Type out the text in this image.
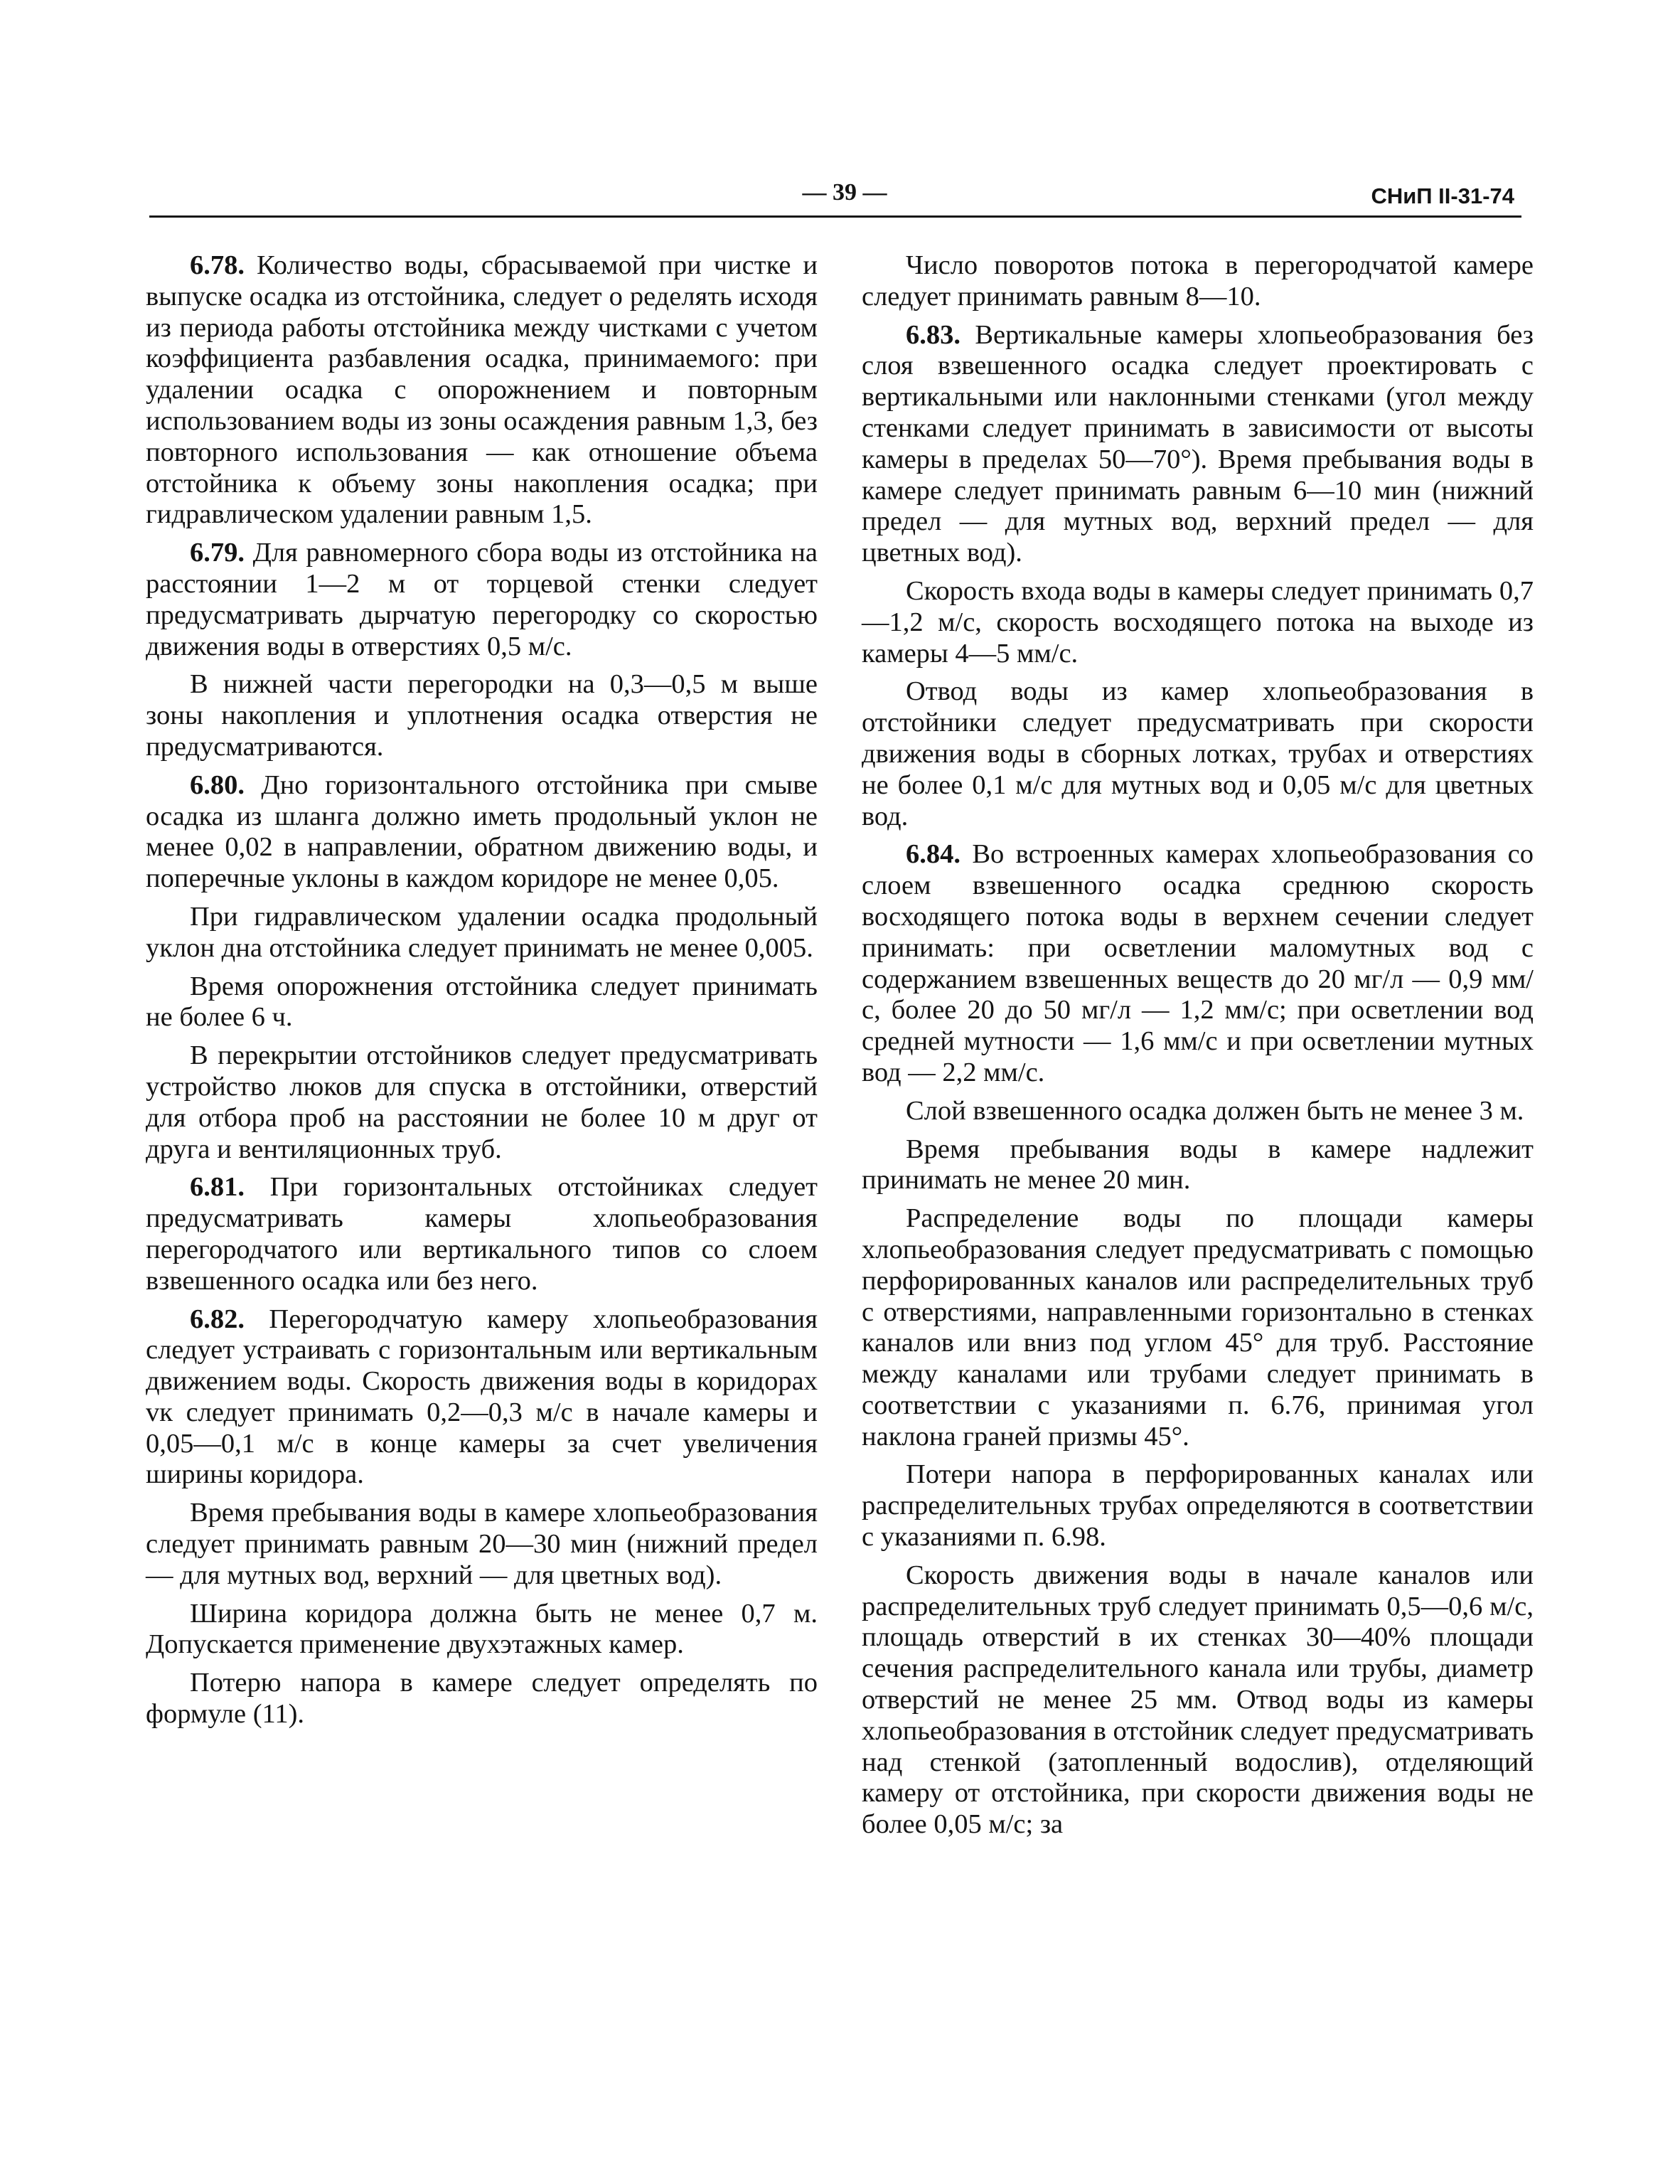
— 39 —	СНиП II-31-74

6.78. Количество воды, сбрасываемой при чистке и выпуске осадка из отстойника, следует о ределять исходя из периода работы отстойника между чистками с учетом коэффициента разбавления осадка, принимаемого: при удалении осадка с опорожнением и повторным использованием воды из зоны осаждения равным 1,3, без повторного использования — как отношение объема отстойника к объему зоны накопления осадка; при гидравлическом удалении равным 1,5.

6.79. Для равномерного сбора воды из отстойника на расстоянии 1—2 м от торцевой стенки следует предусматривать дырчатую перегородку со скоростью движения воды в отверстиях 0,5 м/с.

В нижней части перегородки на 0,3—0,5 м выше зоны накопления и уплотнения осадка отверстия не предусматриваются.

6.80. Дно горизонтального отстойника при смыве осадка из шланга должно иметь продольный уклон не менее 0,02 в направлении, обратном движению воды, и поперечные уклоны в каждом коридоре не менее 0,05.

При гидравлическом удалении осадка продольный уклон дна отстойника следует принимать не менее 0,005.

Время опорожнения отстойника следует принимать не более 6 ч.

В перекрытии отстойников следует предусматривать устройство люков для спуска в отстойники, отверстий для отбора проб на расстоянии не более 10 м друг от друга и вентиляционных труб.

6.81. При горизонтальных отстойниках следует предусматривать камеры хлопьеобразования перегородчатого или вертикального типов со слоем взвешенного осадка или без него.

6.82. Перегородчатую камеру хлопьеобразования следует устраивать с горизонтальным или вертикальным движением воды. Скорость движения воды в коридорах vк следует принимать 0,2—0,3 м/с в начале камеры и 0,05—0,1 м/с в конце камеры за счет увеличения ширины коридора.

Время пребывания воды в камере хлопьеобразования следует принимать равным 20—30 мин (нижний предел — для мутных вод, верхний — для цветных вод).

Ширина коридора должна быть не менее 0,7 м. Допускается применение двухэтажных камер.

Потерю напора в камере следует определять по формуле (11).

Число поворотов потока в перегородчатой камере следует принимать равным 8—10.

6.83. Вертикальные камеры хлопьеобразования без слоя взвешенного осадка следует проектировать с вертикальными или наклонными стенками (угол между стенками следует принимать в зависимости от высоты камеры в пределах 50—70°). Время пребывания воды в камере следует принимать равным 6—10 мин (нижний предел — для мутных вод, верхний предел — для цветных вод).

Скорость входа воды в камеры следует принимать 0,7—1,2 м/с, скорость восходящего потока на выходе из камеры 4—5 мм/с.

Отвод воды из камер хлопьеобразования в отстойники следует предусматривать при скорости движения воды в сборных лотках, трубах и отверстиях не более 0,1 м/с для мутных вод и 0,05 м/с для цветных вод.

6.84. Во встроенных камерах хлопьеобразования со слоем взвешенного осадка среднюю скорость восходящего потока воды в верхнем сечении следует принимать: при осветлении маломутных вод с содержанием взвешенных веществ до 20 мг/л — 0,9 мм/с, более 20 до 50 мг/л — 1,2 мм/с; при осветлении вод средней мутности — 1,6 мм/с и при осветлении мутных вод — 2,2 мм/с.

Слой взвешенного осадка должен быть не менее 3 м.

Время пребывания воды в камере надлежит принимать не менее 20 мин.

Распределение воды по площади камеры хлопьеобразования следует предусматривать с помощью перфорированных каналов или распределительных труб с отверстиями, направленными горизонтально в стенках каналов или вниз под углом 45° для труб. Расстояние между каналами или трубами следует принимать в соответствии с указаниями п. 6.76, принимая угол наклона граней призмы 45°.

Потери напора в перфорированных каналах или распределительных трубах определяются в соответствии с указаниями п. 6.98.

Скорость движения воды в начале каналов или распределительных труб следует принимать 0,5—0,6 м/с, площадь отверстий в их стенках 30—40% площади сечения распределительного канала или трубы, диаметр отверстий не менее 25 мм. Отвод воды из камеры хлопьеобразования в отстойник следует предусматривать над стенкой (затопленный водослив), отделяющий камеру от отстойника, при скорости движения воды не более 0,05 м/с; за
